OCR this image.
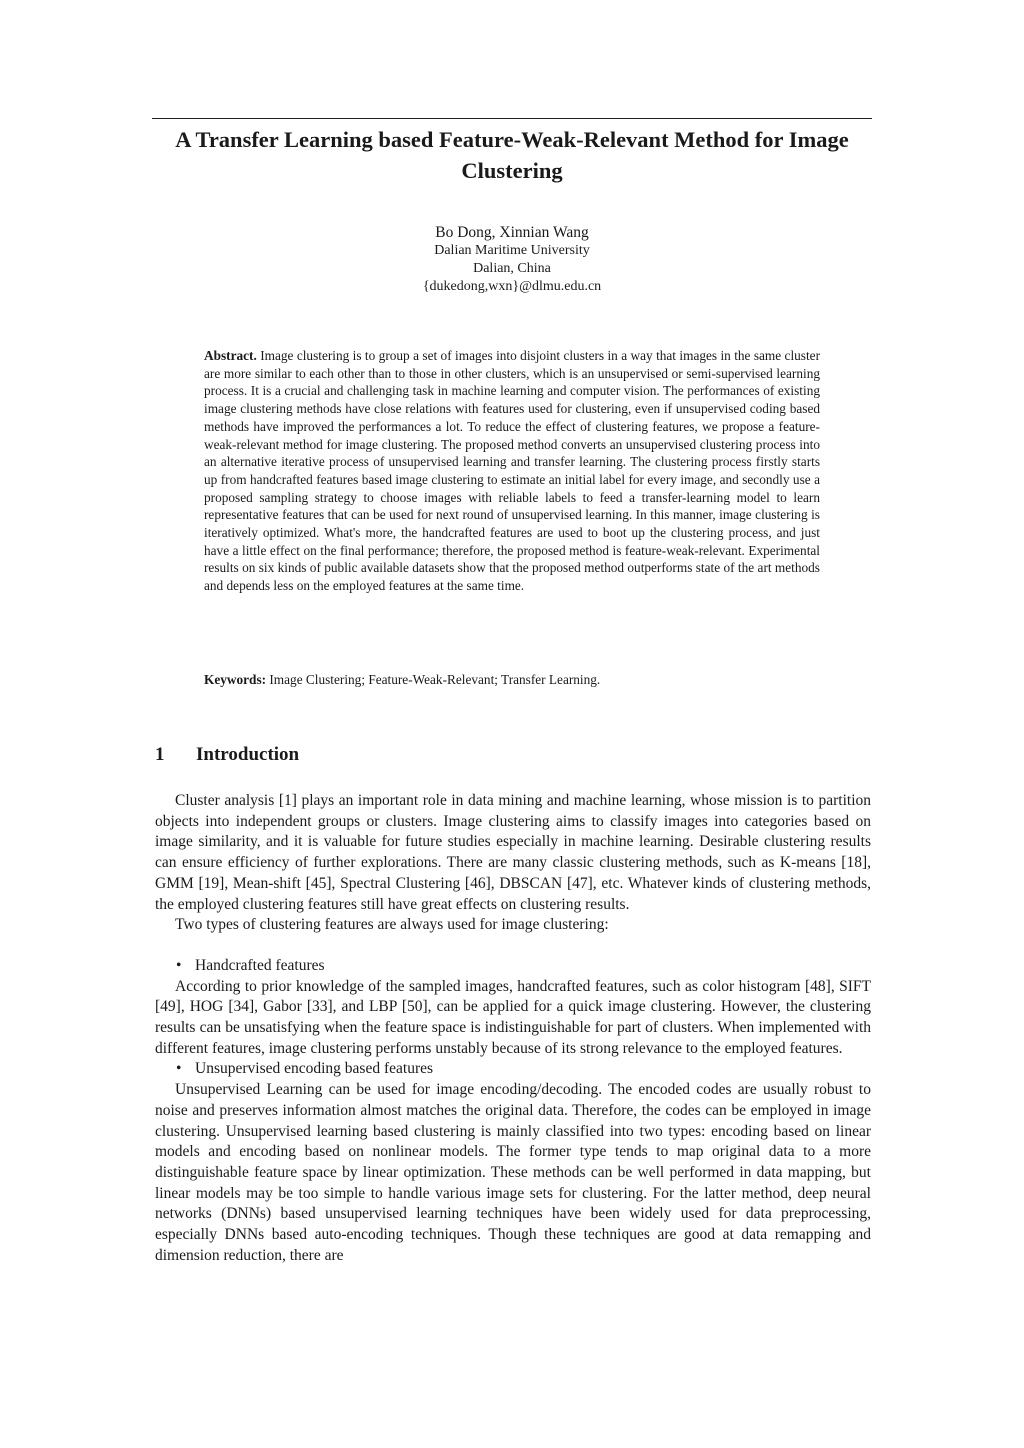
A Transfer Learning based Feature-Weak-Relevant Method for Image Clustering
Bo Dong, Xinnian Wang
Dalian Maritime University
Dalian, China
{dukedong,wxn}@dlmu.edu.cn
Abstract. Image clustering is to group a set of images into disjoint clusters in a way that images in the same cluster are more similar to each other than to those in other clusters, which is an unsupervised or semi-supervised learning process. It is a crucial and challenging task in machine learning and computer vision. The performances of existing image clustering methods have close relations with features used for clustering, even if unsupervised coding based methods have improved the performances a lot. To reduce the effect of clustering features, we propose a feature-weak-relevant method for image clustering. The proposed method converts an unsupervised clustering process into an alternative iterative process of unsupervised learning and transfer learning. The clustering process firstly starts up from handcrafted features based image clustering to estimate an initial label for every image, and secondly use a proposed sampling strategy to choose images with reliable labels to feed a transfer-learning model to learn representative features that can be used for next round of unsupervised learning. In this manner, image clustering is iteratively optimized. What's more, the handcrafted features are used to boot up the clustering process, and just have a little effect on the final performance; therefore, the proposed method is feature-weak-relevant. Experimental results on six kinds of public available datasets show that the proposed method outperforms state of the art methods and depends less on the employed features at the same time.
Keywords: Image Clustering; Feature-Weak-Relevant; Transfer Learning.
1 Introduction

Cluster analysis [1] plays an important role in data mining and machine learning, whose mission is to partition objects into independent groups or clusters. Image clustering aims to classify images into categories based on image similarity, and it is valuable for future studies especially in machine learning. Desirable clustering results can ensure efficiency of further explorations. There are many classic clustering methods, such as K-means [18], GMM [19], Mean-shift [45], Spectral Clustering [46], DBSCAN [47], etc. Whatever kinds of clustering methods, the employed clustering features still have great effects on clustering results.

Two types of clustering features are always used for image clustering:

• Handcrafted features

According to prior knowledge of the sampled images, handcrafted features, such as color histogram [48], SIFT [49], HOG [34], Gabor [33], and LBP [50], can be applied for a quick image clustering. However, the clustering results can be unsatisfying when the feature space is indistinguishable for part of clusters. When implemented with different features, image clustering performs unstably because of its strong relevance to the employed features.

• Unsupervised encoding based features

Unsupervised Learning can be used for image encoding/decoding. The encoded codes are usually robust to noise and preserves information almost matches the original data. Therefore, the codes can be employed in image clustering. Unsupervised learning based clustering is mainly classified into two types: encoding based on linear models and encoding based on nonlinear models. The former type tends to map original data to a more distinguishable feature space by linear optimization. These methods can be well performed in data mapping, but linear models may be too simple to handle various image sets for clustering. For the latter method, deep neural networks (DNNs) based unsupervised learning techniques have been widely used for data preprocessing, especially DNNs based auto-encoding techniques. Though these techniques are good at data remapping and dimension reduction, there are
